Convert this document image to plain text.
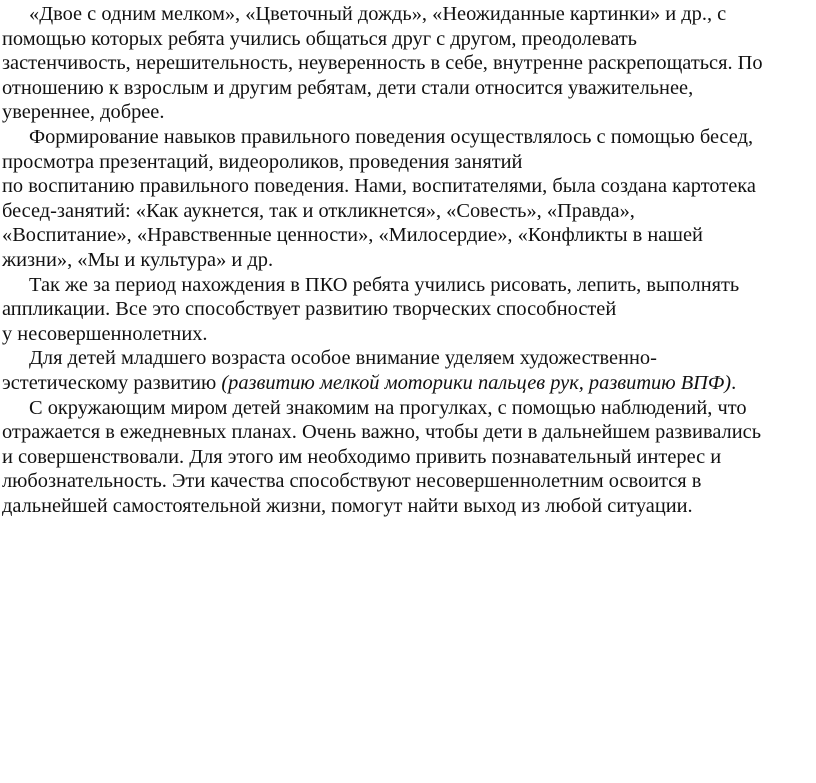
«Двое с одним мелком», «Цветочный дождь», «Неожиданные картинки» и др., с
помощью которых ребята учились общаться друг с другом, преодолевать
застенчивость, нерешительность, неуверенность в себе, внутренне раскрепощаться. По
отношению к взрослым и другим ребятам, дети стали относится уважительнее,
увереннее, добрее.
Формирование навыков правильного поведения осуществлялось с помощью бесед,
просмотра презентаций, видеороликов, проведения занятий
по воспитанию правильного поведения. Нами, воспитателями, была создана картотека
бесед-занятий: «Как аукнется, так и откликнется», «Совесть», «Правда»,
«Воспитание», «Нравственные ценности», «Милосердие», «Конфликты в нашей
жизни», «Мы и культура» и др.
Так же за период нахождения в ПКО ребята учились рисовать, лепить, выполнять
аппликации. Все это способствует развитию творческих способностей
у несовершеннолетних.
Для детей младшего возраста особое внимание уделяем художественно-
эстетическому развитию (развитию мелкой моторики пальцев рук, развитию ВПФ).
С окружающим миром детей знакомим на прогулках, с помощью наблюдений, что
отражается в ежедневных планах. Очень важно, чтобы дети в дальнейшем развивались
и совершенствовали. Для этого им необходимо привить познавательный интерес и
любознательность. Эти качества способствуют несовершеннолетним освоится в
дальнейшей самостоятельной жизни, помогут найти выход из любой ситуации.
